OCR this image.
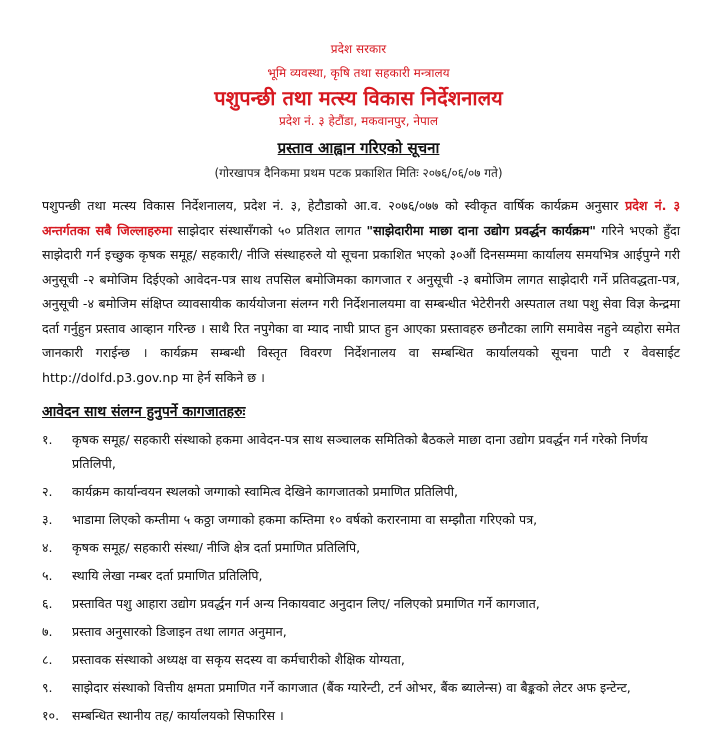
प्रदेश सरकार
भूमि व्यवस्था, कृषि तथा सहकारी मन्त्रालय
पशुपन्छी तथा मत्स्य विकास निर्देशनालय
प्रदेश नं. ३ हेटौंडा, मकवानपुर, नेपाल
प्रस्ताव आह्वान गरिएको सूचना
(गोरखापत्र दैनिकमा प्रथम पटक प्रकाशित मितिः २०७६/०६/०७ गते)
पशुपन्छी तथा मत्स्य विकास निर्देशनालय, प्रदेश नं. ३, हेटौडाको आ.व. २०७६/०७७ को स्वीकृत वार्षिक कार्यक्रम अनुसार प्रदेश नं. ३ अन्तर्गतका सबै जिल्लाहरुमा साझेदार संस्थासँगको ५० प्रतिशत लागत "साझेदारीमा माछा दाना उद्योग प्रवर्द्धन कार्यक्रम" गरिने भएको हुँदा साझेदारी गर्न इच्छुक कृषक समूह/ सहकारी/ नीजि संस्थाहरुले यो सूचना प्रकाशित भएको ३०औं दिनसम्ममा कार्यालय समयभित्र आईपुग्ने गरी अनुसूची -२ बमोजिम दिईएको आवेदन-पत्र साथ तपसिल बमोजिमका कागजात र अनुसूची -३ बमोजिम लागत साझेदारी गर्ने प्रतिवद्धता-पत्र, अनुसूची -४ बमोजिम संक्षिप्त व्यावसायीक कार्ययोजना संलग्न गरी निर्देशनालयमा वा सम्बन्धीत भेटेरीनरी अस्पताल तथा पशु सेवा विज्ञ केन्द्रमा दर्ता गर्नुहुन प्रस्ताव आव्हान गरिन्छ । साथै रित नपुगेका वा म्याद नाघी प्राप्त हुन आएका प्रस्तावहरु छनौटका लागि समावेस नहुने व्यहोरा समेत जानकारी गराईन्छ । कार्यक्रम सम्बन्धी विस्तृत विवरण निर्देशनालय वा सम्बन्धित कार्यालयको सूचना पाटी र वेवसाईट http://dolfd.p3.gov.np मा हेर्न सकिने छ ।
आवेदन साथ संलग्न हुनुपर्ने कागजातहरुः
१.	कृषक समूह/ सहकारी संस्थाको हकमा आवेदन-पत्र साथ सञ्चालक समितिको बैठकले माछा दाना उद्योग प्रवर्द्धन गर्न गरेको निर्णय प्रतिलिपी,
२.	कार्यक्रम कार्यान्वयन स्थलको जग्गाको स्वामित्व देखिने कागजातको प्रमाणित प्रतिलिपी,
३.	भाडामा लिएको कम्तीमा ५ कठ्ठा जग्गाको हकमा कम्तिमा १० वर्षको करारनामा वा सम्झौता गरिएको पत्र,
४.	कृषक समूह/ सहकारी संस्था/ नीजि क्षेत्र दर्ता प्रमाणित प्रतिलिपि,
५.	स्थायि लेखा नम्बर दर्ता प्रमाणित प्रतिलिपि,
६.	प्रस्तावित पशु आहारा उद्योग प्रवर्द्धन गर्न अन्य निकायवाट अनुदान लिए/ नलिएको प्रमाणित गर्ने कागजात,
७.	प्रस्ताव अनुसारको डिजाइन तथा लागत अनुमान,
८.	प्रस्तावक संस्थाको अध्यक्ष वा सकृय सदस्य वा कर्मचारीको शैक्षिक योग्यता,
९.	साझेदार संस्थाको वित्तीय क्षमता प्रमाणित गर्ने कागजात (बैंक ग्यारेन्टी, टर्न ओभर, बैंक ब्यालेन्स) वा बैङ्कको लेटर अफ इन्टेन्ट,
१०.	सम्बन्धित स्थानीय तह/ कार्यालयको सिफारिस ।
